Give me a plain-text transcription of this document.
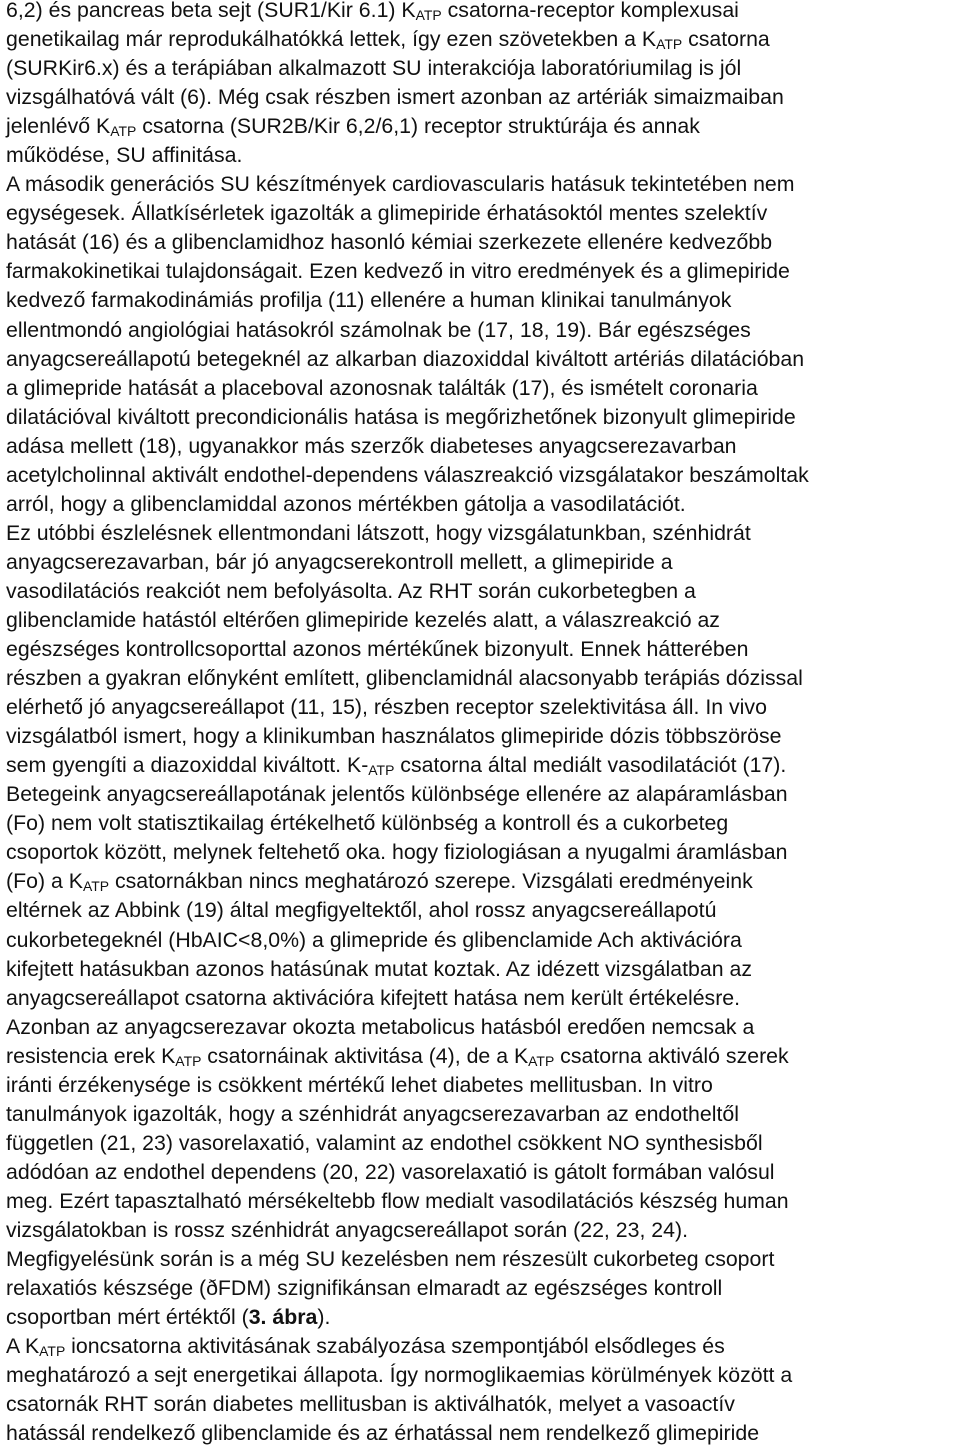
6,2) és pancreas beta sejt (SUR1/Kir 6.1) KATP csatorna-receptor komplexusai
genetikailag már reprodukálhatókká lettek, így ezen szövetekben a KATP csatorna
(SURKir6.x) és a terápiában alkalmazott SU interakciója laboratóriumilag is jól
vizsgálhatóvá vált (6). Még csak részben ismert azonban az artériák simaizmaiban
jelenlévő KATP csatorna (SUR2B/Kir 6,2/6,1) receptor struktúrája és annak
működése, SU affinitása.
A második generációs SU készítmények cardiovascularis hatásuk tekintetében nem
egységesek. Állatkísérletek igazolták a glimepiride érhatásoktól mentes szelektív
hatását (16) és a glibenclamidhoz hasonló kémiai szerkezete ellenére kedvezőbb
farmakokinetikai tulajdonságait. Ezen kedvező in vitro eredmények és a glimepiride
kedvező farmakodinámiás profilja (11) ellenére a human klinikai tanulmányok
ellentmondó angiológiai hatásokról számolnak be (17, 18, 19). Bár egészséges
anyagcsereállapotú betegeknél az alkarban diazoxiddal kiváltott artériás dilatációban
a glimepride hatását a placeboval azonosnak találták (17), és ismételt coronaria
dilatációval kiváltott precondicionális hatása is megőrizhetőnek bizonyult glimepiride
adása mellett (18), ugyanakkor más szerzők diabeteses anyagcserezavarban
acetylcholinnal aktivált endothel-dependens válaszreakció vizsgálatakor beszámoltak
arról, hogy a glibenclamiddal azonos mértékben gátolja a vasodilatációt.
Ez utóbbi észlelésnek ellentmondani látszott, hogy vizsgálatunkban, szénhidrát
anyagcserezavarban, bár jó anyagcserekontroll mellett, a glimepiride a
vasodilatációs reakciót nem befolyásolta. Az RHT során cukorbetegben a
glibenclamide hatástól eltérően glimepiride kezelés alatt, a válaszreakció az
egészséges kontrollcsoporttal azonos mértékűnek bizonyult. Ennek hátterében
részben a gyakran előnyként említett, glibenclamidnál alacsonyabb terápiás dózissal
elérhető jó anyagcsereállapot (11, 15), részben receptor szelektivitása áll. In vivo
vizsgálatból ismert, hogy a klinikumban használatos glimepiride dózis többszöröse
sem gyengíti a diazoxiddal kiváltott. K-ATP csatorna által mediált vasodilatációt (17).
Betegeink anyagcsereállapotának jelentős különbsége ellenére az alapáramlásban
(Fo) nem volt statisztikailag értékelhető különbség a kontroll és a cukorbeteg
csoportok között, melynek feltehető oka. hogy fiziologiásan a nyugalmi áramlásban
(Fo) a KATP csatornákban nincs meghatározó szerepe. Vizsgálati eredményeink
eltérnek az Abbink (19) által megfigyeltektől, ahol rossz anyagcsereállapotú
cukorbetegeknél (HbAIC<8,0%) a glimepride és glibenclamide Ach aktivációra
kifejtett hatásukban azonos hatásúnak mutat koztak. Az idézett vizsgálatban az
anyagcsereállapot csatorna aktivációra kifejtett hatása nem került értékelésre.
Azonban az anyagcserezavar okozta metabolicus hatásból eredően nemcsak a
resistencia erek KATP csatornáinak aktivitása (4), de a KATP csatorna aktiváló szerek
iránti érzékenysége is csökkent mértékű lehet diabetes mellitusban. In vitro
tanulmányok igazolták, hogy a szénhidrát anyagcserezavarban az endotheltől
független (21, 23) vasorelaxatió, valamint az endothel csökkent NO synthesisből
adódóan az endothel dependens (20, 22) vasorelaxatió is gátolt formában valósul
meg. Ezért tapasztalható mérsékeltebb flow medialt vasodilatációs készség human
vizsgálatokban is rossz szénhidrát anyagcsereállapot során (22, 23, 24).
Megfigyelésünk során is a még SU kezelésben nem részesült cukorbeteg csoport
relaxatiós készsége (ðFDM) szignifikánsan elmaradt az egészséges kontroll
csoportban mért értéktől (3. ábra).
A KATP ioncsatorna aktivitásának szabályozása szempontjából elsődleges és
meghatározó a sejt energetikai állapota. Így normoglikaemias körülmények között a
csatornák RHT során diabetes mellitusban is aktiválhatók, melyet a vasoactív
hatássál rendelkező glibenclamide és az érhatással nem rendelkező glimepiride
